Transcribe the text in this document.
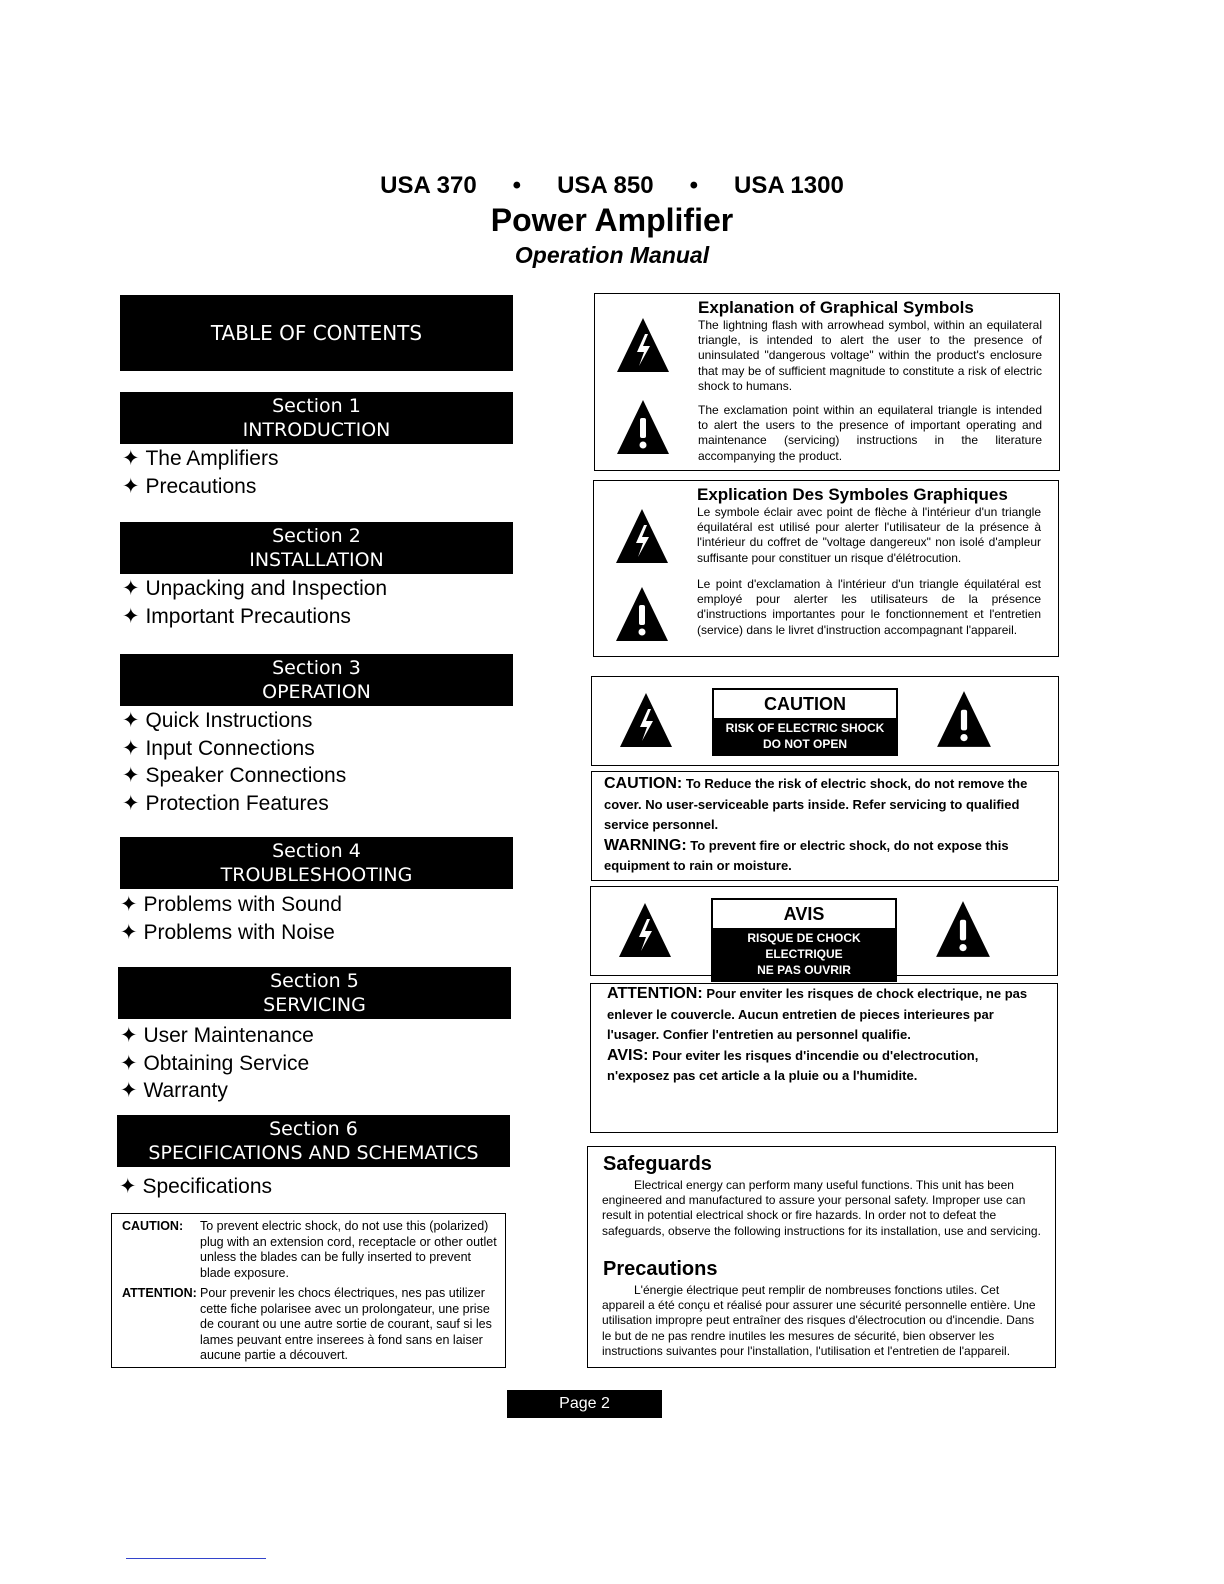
USA 370 • USA 850 • USA 1300
Power Amplifier
Operation Manual
TABLE OF CONTENTS
Section 1
INTRODUCTION
✦ The Amplifiers
✦ Precautions
Section 2
INSTALLATION
✦ Unpacking and Inspection
✦ Important Precautions
Section 3
OPERATION
✦ Quick Instructions
✦ Input Connections
✦ Speaker Connections
✦ Protection Features
Section 4
TROUBLESHOOTING
✦ Problems with Sound
✦ Problems with Noise
Section 5
SERVICING
✦ User Maintenance
✦ Obtaining Service
✦ Warranty
Section 6
SPECIFICATIONS AND SCHEMATICS
✦ Specifications
CAUTION:	To prevent electric shock, do not use this (polarized) plug with an extension cord, receptacle or other outlet unless the blades can be fully inserted to prevent blade exposure.
ATTENTION: Pour prevenir les chocs électriques, nes pas utilizer cette fiche polarisee avec un prolongateur, une prise de courant ou une autre sortie de courant, sauf si les lames peuvant entre inserees à fond sans en laiser aucune partie a découvert.
Explanation of Graphical Symbols
The lightning flash with arrowhead symbol, within an equilateral triangle, is intended to alert the user to the presence of uninsulated "dangerous voltage" within the product's enclosure that may be of sufficient magnitude to constitute a risk of electric shock to humans.
The exclamation point within an equilateral triangle is intended to alert the users to the presence of important operating and maintenance (servicing) instructions in the literature accompanying the product.
Explication Des Symboles Graphiques
Le symbole éclair avec point de flèche à l'intérieur d'un triangle équilatéral est utilisé pour alerter l'utilisateur de la présence à l'intérieur du coffret de "voltage dangereux" non isolé d'ampleur suffisante pour constituer un risque d'élétrocution.
Le point d'exclamation à l'intérieur d'un triangle équilatéral est employé pour alerter les utilisateurs de la présence d'instructions importantes pour le fonctionnement et l'entretien (service) dans le livret d'instruction accompagnant l'appareil.
CAUTION
RISK OF ELECTRIC SHOCK
DO NOT OPEN
CAUTION: To Reduce the risk of electric shock, do not remove the cover. No user-serviceable parts inside. Refer servicing to qualified service personnel.
WARNING: To prevent fire or electric shock, do not expose this equipment to rain or moisture.
AVIS
RISQUE DE CHOCK ELECTRIQUE
NE PAS OUVRIR
ATTENTION: Pour enviter les risques de chock electrique, ne pas enlever le couvercle. Aucun entretien de pieces interieures par l'usager. Confier l'entretien au personnel qualifie.
AVIS: Pour eviter les risques d'incendie ou d'electrocution, n'exposez pas cet article a la pluie ou a l'humidite.
Safeguards
Electrical energy can perform many useful functions. This unit has been engineered and manufactured to assure your personal safety. Improper use can result in potential electrical shock or fire hazards. In order not to defeat the safeguards, observe the following instructions for its installation, use and servicing.
Precautions
L'énergie électrique peut remplir de nombreuses fonctions utiles. Cet appareil a été conçu et réalisé pour assurer une sécurité personnelle entière. Une utilisation impropre peut entraîner des risques d'électrocution ou d'incendie. Dans le but de ne pas rendre inutiles les mesures de sécurité, bien observer les instructions suivantes pour l'installation, l'utilisation et l'entretien de l'appareil.
Page 2
